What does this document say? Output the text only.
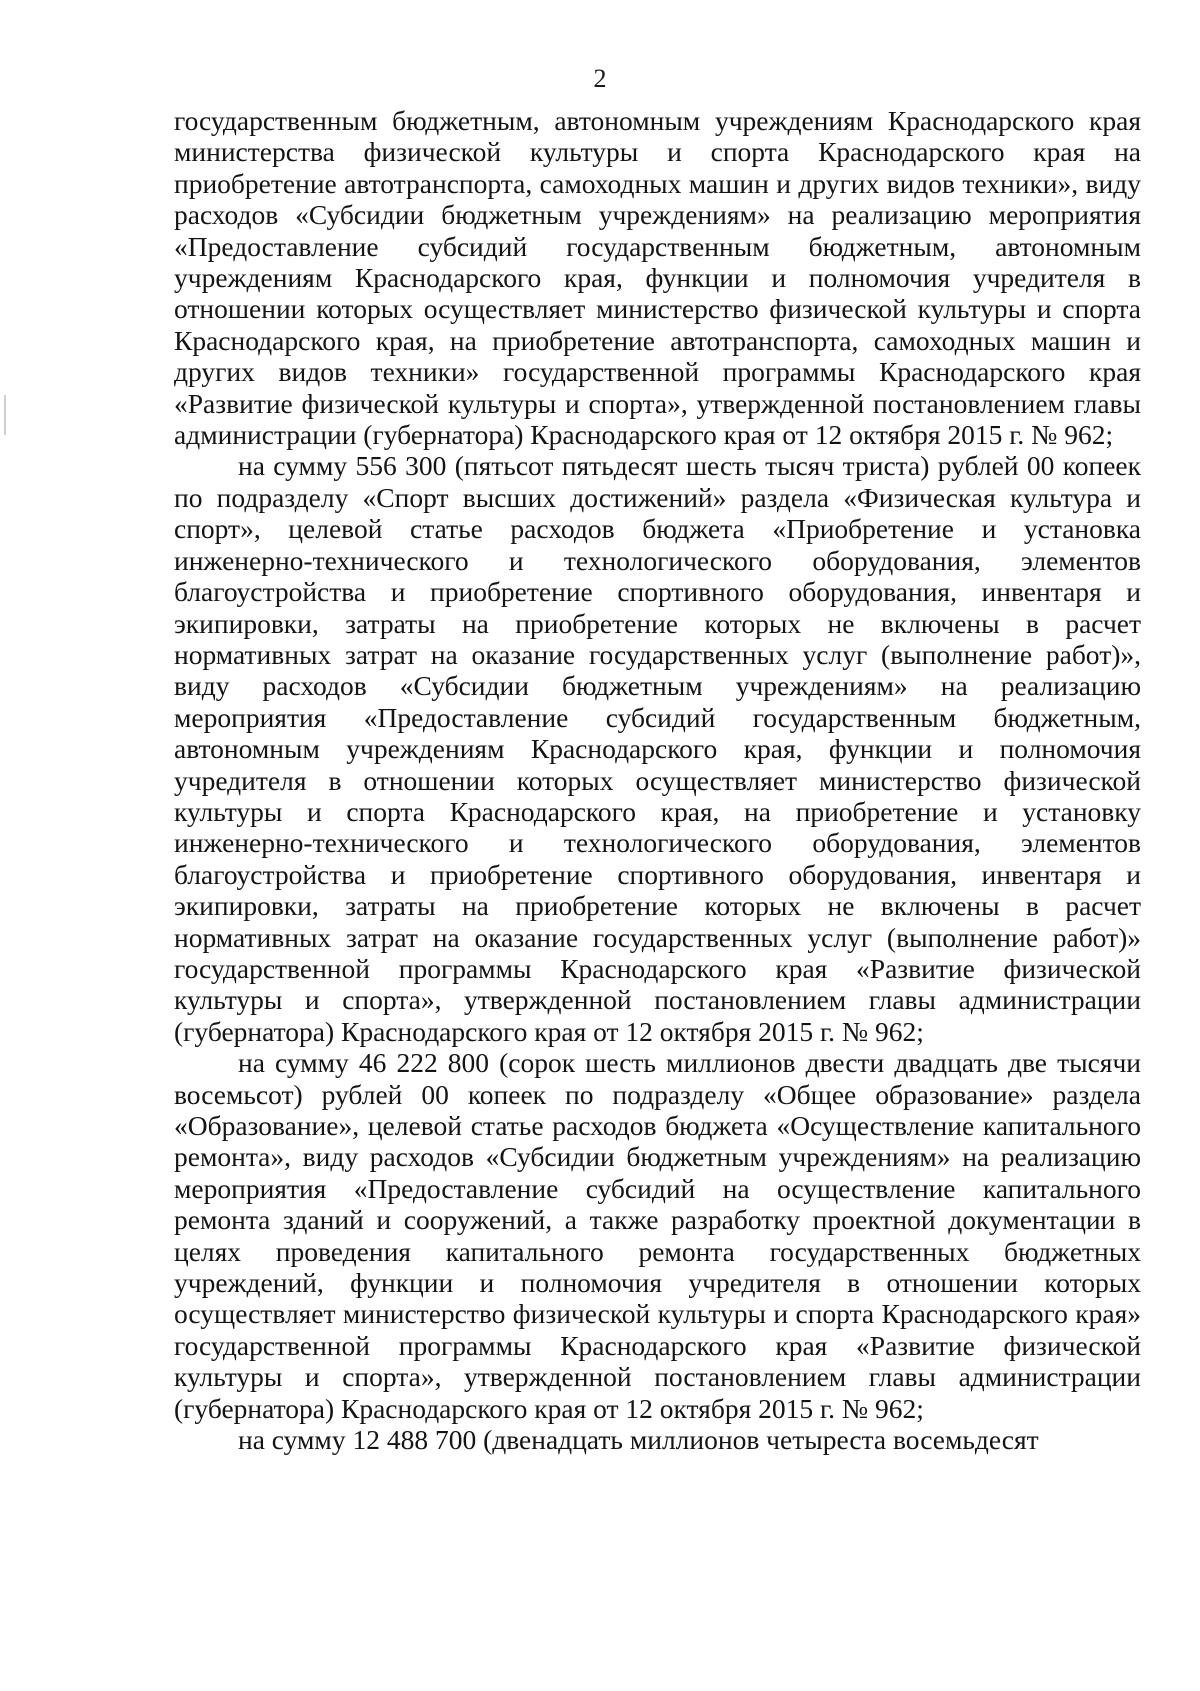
2

государственным бюджетным, автономным учреждениям Краснодарского края министерства физической культуры и спорта Краснодарского края на приобретение автотранспорта, самоходных машин и других видов техники», виду расходов «Субсидии бюджетным учреждениям» на реализацию мероприятия «Предоставление субсидий государственным бюджетным, автономным учреждениям Краснодарского края, функции и полномочия учредителя в отношении которых осуществляет министерство физической культуры и спорта Краснодарского края, на приобретение автотранспорта, самоходных машин и других видов техники» государственной программы Краснодарского края «Развитие физической культуры и спорта», утвержденной постановлением главы администрации (губернатора) Краснодарского края от 12 октября 2015 г. № 962;

на сумму 556 300 (пятьсот пятьдесят шесть тысяч триста) рублей 00 копеек по подразделу «Спорт высших достижений» раздела «Физическая культура и спорт», целевой статье расходов бюджета «Приобретение и установка инженерно-технического и технологического оборудования, элементов благоустройства и приобретение спортивного оборудования, инвентаря и экипировки, затраты на приобретение которых не включены в расчет нормативных затрат на оказание государственных услуг (выполнение работ)», виду расходов «Субсидии бюджетным учреждениям» на реализацию мероприятия «Предоставление субсидий государственным бюджетным, автономным учреждениям Краснодарского края, функции и полномочия учредителя в отношении которых осуществляет министерство физической культуры и спорта Краснодарского края, на приобретение и установку инженерно-технического и технологического оборудования, элементов благоустройства и приобретение спортивного оборудования, инвентаря и экипировки, затраты на приобретение которых не включены в расчет нормативных затрат на оказание государственных услуг (выполнение работ)» государственной программы Краснодарского края «Развитие физической культуры и спорта», утвержденной постановлением главы администрации (губернатора) Краснодарского края от 12 октября 2015 г. № 962;

на сумму 46 222 800 (сорок шесть миллионов двести двадцать две тысячи восемьсот) рублей 00 копеек по подразделу «Общее образование» раздела «Образование», целевой статье расходов бюджета «Осуществление капитального ремонта», виду расходов «Субсидии бюджетным учреждениям» на реализацию мероприятия «Предоставление субсидий на осуществление капитального ремонта зданий и сооружений, а также разработку проектной документации в целях проведения капитального ремонта государственных бюджетных учреждений, функции и полномочия учредителя в отношении которых осуществляет министерство физической культуры и спорта Краснодарского края» государственной программы Краснодарского края «Развитие физической культуры и спорта», утвержденной постановлением главы администрации (губернатора) Краснодарского края от 12 октября 2015 г. № 962;

на сумму 12 488 700 (двенадцать миллионов четыреста восемьдесят
